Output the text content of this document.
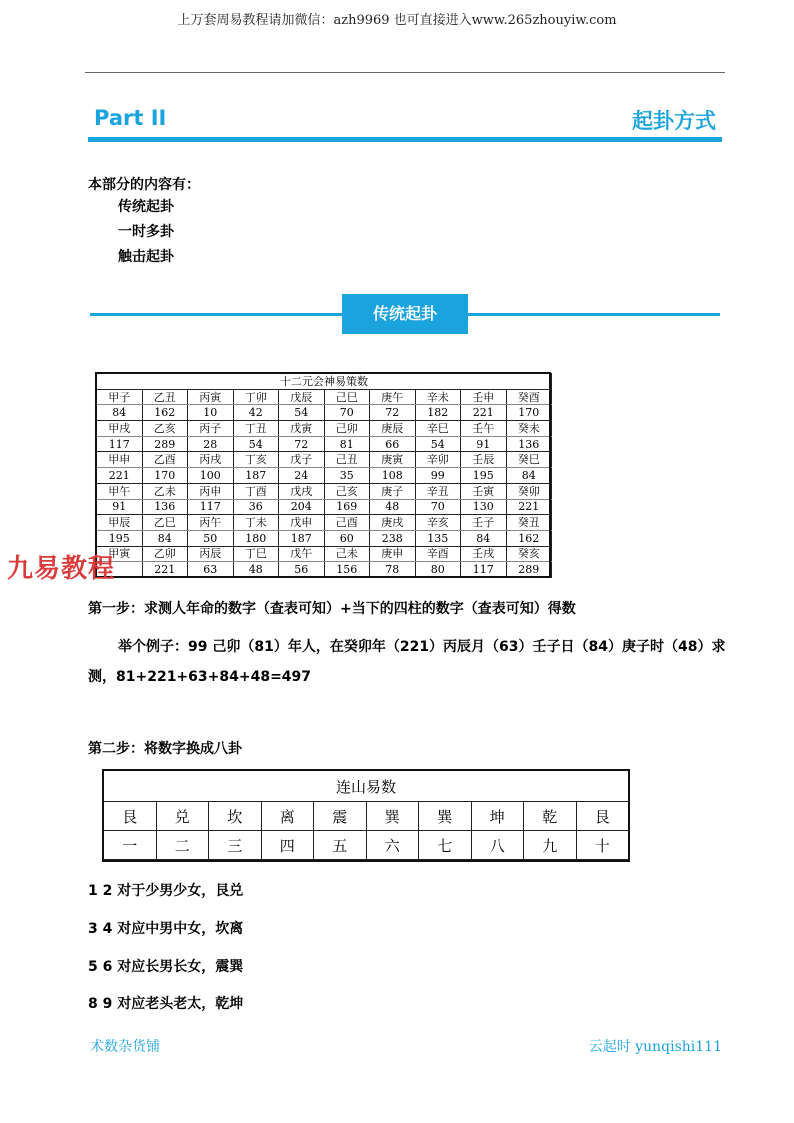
上万套周易教程请加微信：azh9969 也可直接进入www.265zhouyiw.com
Part II	起卦方式
本部分的内容有：
传统起卦
一时多卦
触击起卦
传统起卦
十二元会神易策数									
甲子	乙丑	丙寅	丁卯	戊辰	己巳	庚午	辛未	壬申	癸酉
84	162	10	42	54	70	72	182	221	170
甲戌	乙亥	丙子	丁丑	戊寅	己卯	庚辰	辛巳	壬午	癸未
117	289	28	54	72	81	66	54	91	136
甲申	乙酉	丙戌	丁亥	戊子	己丑	庚寅	辛卯	壬辰	癸巳
221	170	100	187	24	35	108	99	195	84
甲午	乙未	丙申	丁酉	戊戌	己亥	庚子	辛丑	壬寅	癸卯
91	136	117	36	204	169	48	70	130	221
甲辰	乙巳	丙午	丁未	戊申	己酉	庚戌	辛亥	壬子	癸丑
195	84	50	180	187	60	238	135	84	162
甲寅	乙卯	丙辰	丁巳	戊午	己未	庚申	辛酉	壬戌	癸亥
	221	63	48	56	156	78	80	117	289
九易教程
第一步：求测人年命的数字（查表可知）+当下的四柱的数字（查表可知）得数
举个例子：99 己卯（81）年人，在癸卯年（221）丙辰月（63）壬子日（84）庚子时（48）求测，81+221+63+84+48=497
第二步：将数字换成八卦
连山易数									
艮	兑	坎	离	震	巽	巽	坤	乾	艮
一	二	三	四	五	六	七	八	九	十
1 2 对于少男少女，艮兑
3 4 对应中男中女，坎离
5 6 对应长男长女，震巽
8 9 对应老头老太，乾坤
术数杂货铺	云起时 yunqishi111
